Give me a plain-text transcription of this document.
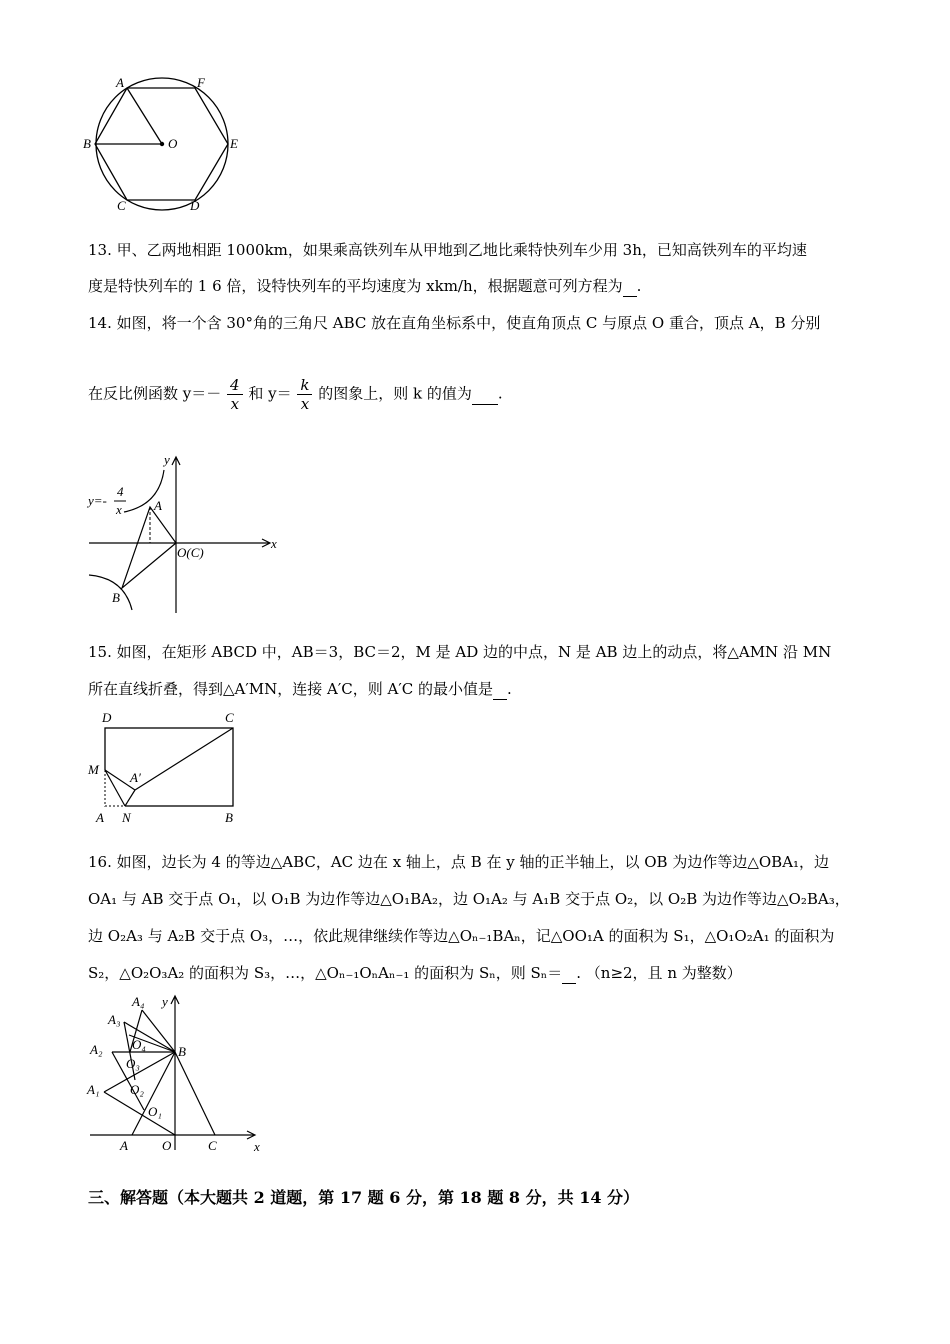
A	F
B	O	E
C	D
13. 甲、乙两地相距 1000km，如果乘高铁列车从甲地到乙地比乘特快列车少用 3h，已知高铁列车的平均速
度是特快列车的 1 6 倍，设特快列车的平均速度为 xkm/h，根据题意可列方程为 .
14. 如图，将一个含 30°角的三角尺 ABC 放在直角坐标系中，使直角顶点 C 与原点 O 重合，顶点 A，B 分别
在反比例函数 $y=- \frac{4}{x}$ 和 $y= \frac{k}{x}$ 的图象上，则 k 的值为 .
y
x
y=-
4
x A
B
O(C)
15. 如图，在矩形 ABCD 中，AB＝3，BC＝2，M 是 AD 边的中点，N 是 AB 边上的动点，将△AMN 沿 MN
所在直线折叠，得到△A′MN，连接 A′C，则 A′C 的最小值是 .
D	C
M
A′
A N	B
16. 如图，边长为 4 的等边△ABC，AC 边在 x 轴上，点 B 在 y 轴的正半轴上，以 OB 为边作等边△OBA₁，边
OA₁ 与 AB 交于点 O₁，以 O₁B 为边作等边△O₁BA₂，边 O₁A₂ 与 A₁B 交于点 O₂，以 O₂B 为边作等边△O₂BA₃，
边 O₂A₃ 与 A₂B 交于点 O₃，…，依此规律继续作等边△Oₙ₋₁BAₙ，记△OO₁A 的面积为 S₁，△O₁O₂A₁ 的面积为
S₂，△O₂O₃A₂ 的面积为 S₃，…，△Oₙ₋₁OₙAₙ₋₁ 的面积为 Sₙ，则 Sₙ＝ . （n≥2，且 n 为整数）
A₄ y
A₃
O₄
A₂	B
O₃
O₂
A₁
O₁
A	O	C	x
三、解答题（本大题共 2 道题，第 17 题 6 分，第 18 题 8 分，共 14 分）
